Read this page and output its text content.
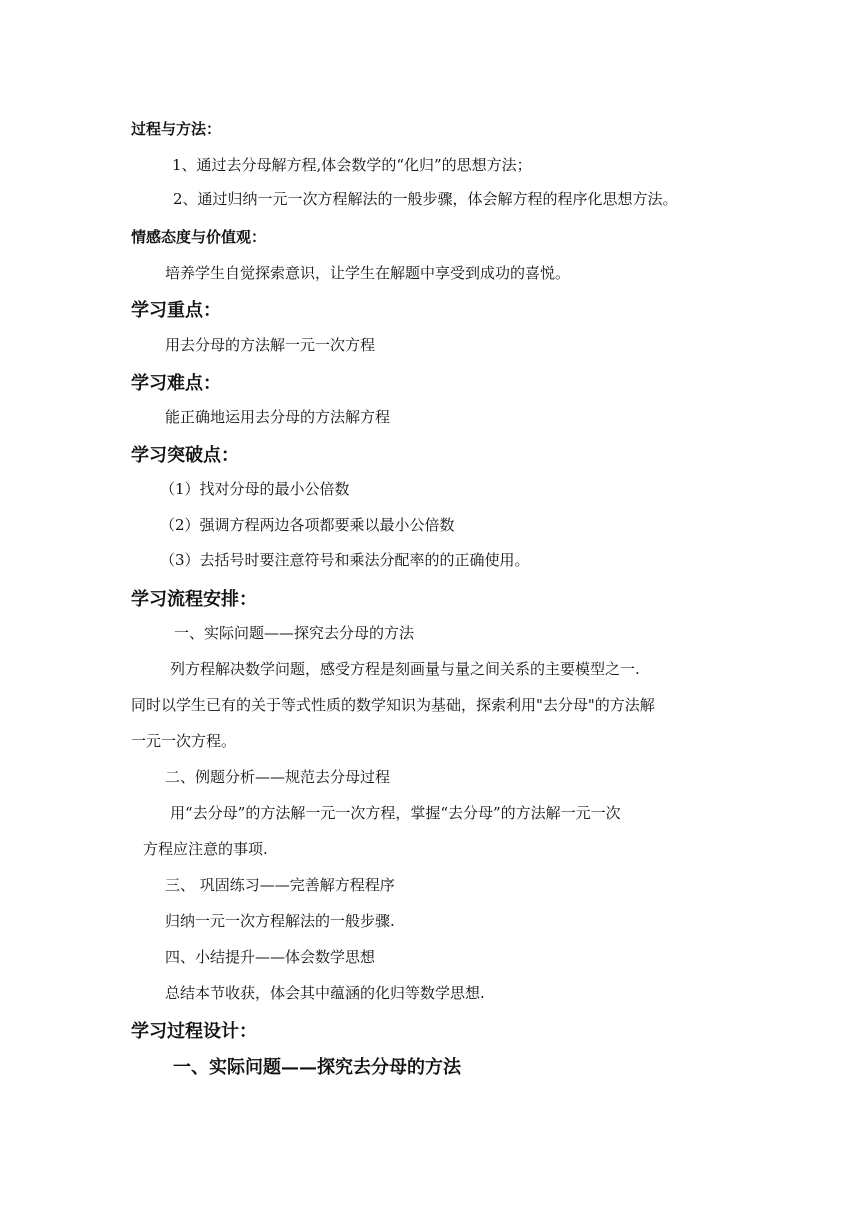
过程与方法：
1、通过去分母解方程,体会数学的“化归”的思想方法；
2、通过归纳一元一次方程解法的一般步骤，体会解方程的程序化思想方法。
情感态度与价值观：
培养学生自觉探索意识，让学生在解题中享受到成功的喜悦。
学习重点：
用去分母的方法解一元一次方程
学习难点：
能正确地运用去分母的方法解方程
学习突破点：
（1）找对分母的最小公倍数
（2）强调方程两边各项都要乘以最小公倍数
（3）去括号时要注意符号和乘法分配率的的正确使用。
学习流程安排：
一、实际问题——探究去分母的方法
列方程解决数学问题，感受方程是刻画量与量之间关系的主要模型之一.
同时以学生已有的关于等式性质的数学知识为基础，探索利用"去分母"的方法解
一元一次方程。
二、例题分析——规范去分母过程
用“去分母”的方法解一元一次方程，掌握“去分母”的方法解一元一次
方程应注意的事项.
三、 巩固练习——完善解方程程序
归纳一元一次方程解法的一般步骤.
四、小结提升——体会数学思想
总结本节收获，体会其中蕴涵的化归等数学思想.
学习过程设计：
一、实际问题——探究去分母的方法
